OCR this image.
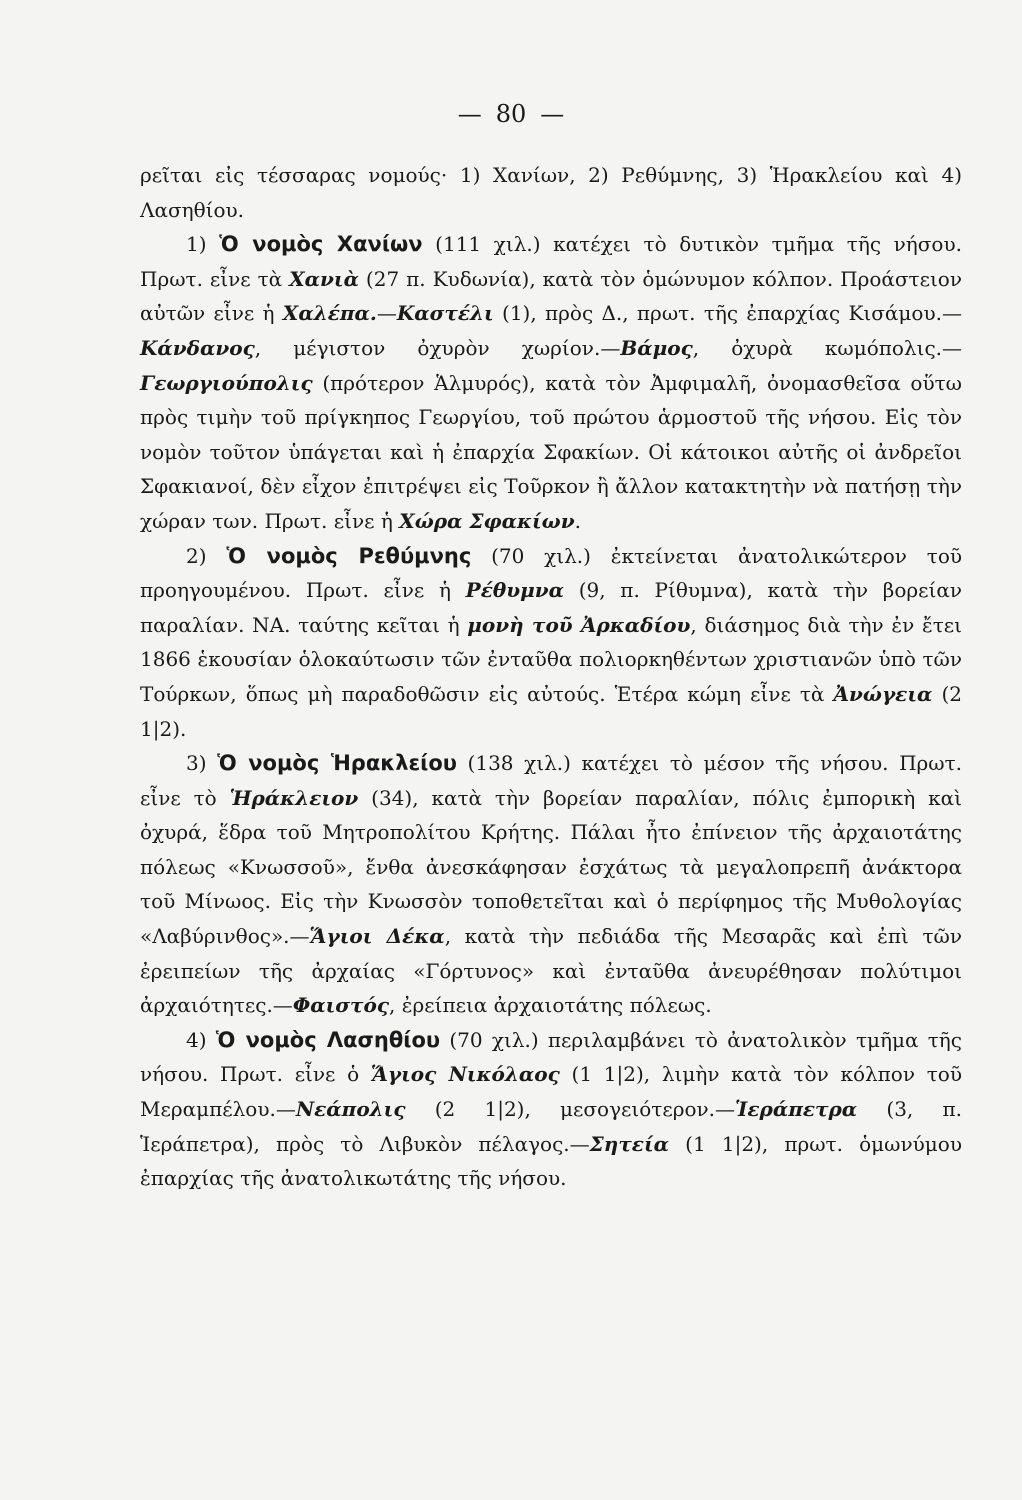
— 80 —

ρεῖται εἰς τέσσαρας νομούς· 1) Χανίων, 2) Ρεθύμνης, 3) Ἡρακλείου καὶ 4) Λασηθίου.

1) Ὁ νομὸς Χανίων (111 χιλ.) κατέχει τὸ δυτικὸν τμῆμα τῆς νήσου. Πρωτ. εἶνε τὰ Χανιὰ (27 π. Κυδωνία), κατὰ τὸν ὁμώνυμον κόλπον. Προάστειον αὐτῶν εἶνε ἡ Χαλέπα.—Καστέλι (1), πρὸς Δ., πρωτ. τῆς ἐπαρχίας Κισάμου.— Κάνδανος, μέγιστον ὀχυρὸν χωρίον.—Βάμος, ὀχυρὰ κωμόπολις.— Γεωργιούπολις (πρότερον Ἁλμυρός), κατὰ τὸν Ἀμφιμαλῆ, ὀνομασθεῖσα οὕτω πρὸς τιμὴν τοῦ πρίγκηπος Γεωργίου, τοῦ πρώτου ἁρμοστοῦ τῆς νήσου. Εἰς τὸν νομὸν τοῦτον ὑπάγεται καὶ ἡ ἐπαρχία Σφακίων. Οἱ κάτοικοι αὐτῆς οἱ ἀνδρεῖοι Σφακιανοί, δὲν εἶχον ἐπιτρέψει εἰς Τοῦρκον ἢ ἄλλον κατακτητὴν νὰ πατήσῃ τὴν χώραν των. Πρωτ. εἶνε ἡ Χώρα Σφακίων.

2) Ὁ νομὸς Ρεθύμνης (70 χιλ.) ἐκτείνεται ἀνατολικώτερον τοῦ προηγουμένου. Πρωτ. εἶνε ἡ Ρέθυμνα (9, π. Ρίθυμνα), κατὰ τὴν βορείαν παραλίαν. ΝΑ. ταύτης κεῖται ἡ μονὴ τοῦ Ἀρκαδίου, διάσημος διὰ τὴν ἐν ἔτει 1866 ἑκουσίαν ὁλοκαύτωσιν τῶν ἐνταῦθα πολιορκηθέντων χριστιανῶν ὑπὸ τῶν Τούρκων, ὅπως μὴ παραδοθῶσιν εἰς αὐτούς. Ἑτέρα κώμη εἶνε τὰ Ἀνώγεια (2 1|2).

3) Ὁ νομὸς Ἡρακλείου (138 χιλ.) κατέχει τὸ μέσον τῆς νήσου. Πρωτ. εἶνε τὸ Ἡράκλειον (34), κατὰ τὴν βορείαν παραλίαν, πόλις ἐμπορικὴ καὶ ὀχυρά, ἕδρα τοῦ Μητροπολίτου Κρήτης. Πάλαι ἦτο ἐπίνειον τῆς ἀρχαιοτάτης πόλεως «Κνωσσοῦ», ἔνθα ἀνεσκάφησαν ἐσχάτως τὰ μεγαλοπρεπῆ ἀνάκτορα τοῦ Μίνωος. Εἰς τὴν Κνωσσὸν τοποθετεῖται καὶ ὁ περίφημος τῆς Μυθολογίας «Λαβύρινθος».—Ἅγιοι Δέκα, κατὰ τὴν πεδιάδα τῆς Μεσαρᾶς καὶ ἐπὶ τῶν ἐρειπείων τῆς ἀρχαίας «Γόρτυνος» καὶ ἐνταῦθα ἀνευρέθησαν πολύτιμοι ἀρχαιότητες.—Φαιστός, ἐρείπεια ἀρχαιοτάτης πόλεως.

4) Ὁ νομὸς Λασηθίου (70 χιλ.) περιλαμβάνει τὸ ἀνατολικὸν τμῆμα τῆς νήσου. Πρωτ. εἶνε ὁ Ἅγιος Νικόλαος (1 1|2), λιμὴν κατὰ τὸν κόλπον τοῦ Μεραμπέλου.—Νεάπολις (2 1|2), μεσογειότερον.—Ἱεράπετρα (3, π. Ἱεράπετρα), πρὸς τὸ Λιβυκὸν πέλαγος.—Σητεία (1 1|2), πρωτ. ὁμωνύμου ἐπαρχίας τῆς ἀνατολικωτάτης τῆς νήσου.
